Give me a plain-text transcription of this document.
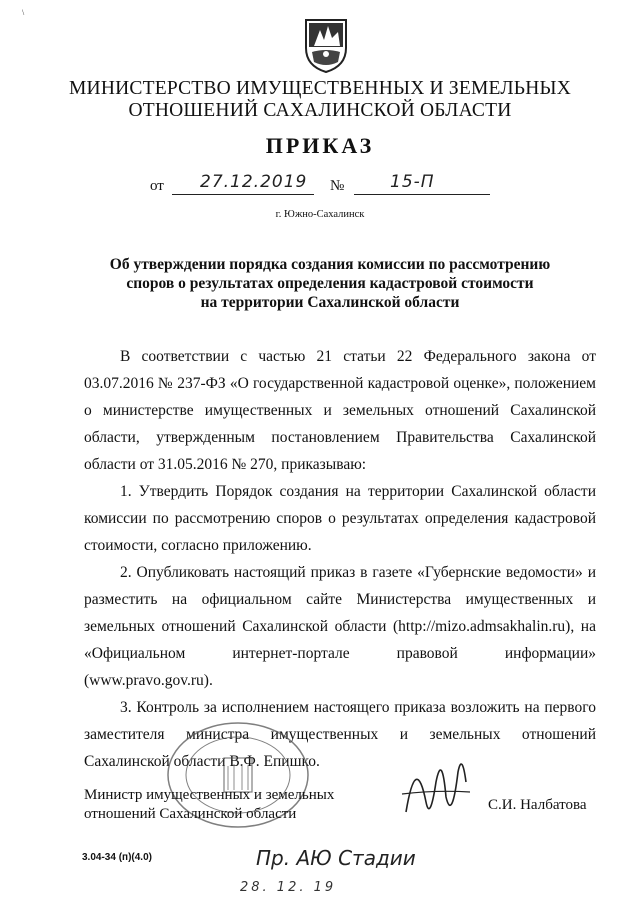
\
МИНИСТЕРСТВО ИМУЩЕСТВЕННЫХ И ЗЕМЕЛЬНЫХ
ОТНОШЕНИЙ САХАЛИНСКОЙ ОБЛАСТИ
ПРИКАЗ
от 27.12.2019 №	15-П
г. Южно-Сахалинск
Об утверждении порядка создания комиссии по рассмотрению
споров о результатах определения кадастровой стоимости
на территории Сахалинской области

В соответствии с частью 21 статьи 22 Федерального закона от 03.07.2016 № 237-ФЗ «О государственной кадастровой оценке», положением о министерстве имущественных и земельных отношений Сахалинской области, утвержденным постановлением Правительства Сахалинской области от 31.05.2016 № 270, приказываю:

1. Утвердить Порядок создания на территории Сахалинской области комиссии по рассмотрению споров о результатах определения кадастровой стоимости, согласно приложению.

2. Опубликовать настоящий приказ в газете «Губернские ведомости» и разместить на официальном сайте Министерства имущественных и земельных отношений Сахалинской области (http://mizo.admsakhalin.ru), на «Официальном интернет-портале правовой информации» (www.pravo.gov.ru).

3. Контроль за исполнением настоящего приказа возложить на первого заместителя министра имущественных и земельных отношений Сахалинской области В.Ф. Епишко.

Министр имущественных и земельных
отношений Сахалинской области
С.И. Налбатова
3.04-34 (п)(4.0)	Пр. АЮ Стадии
28. 12. 19
